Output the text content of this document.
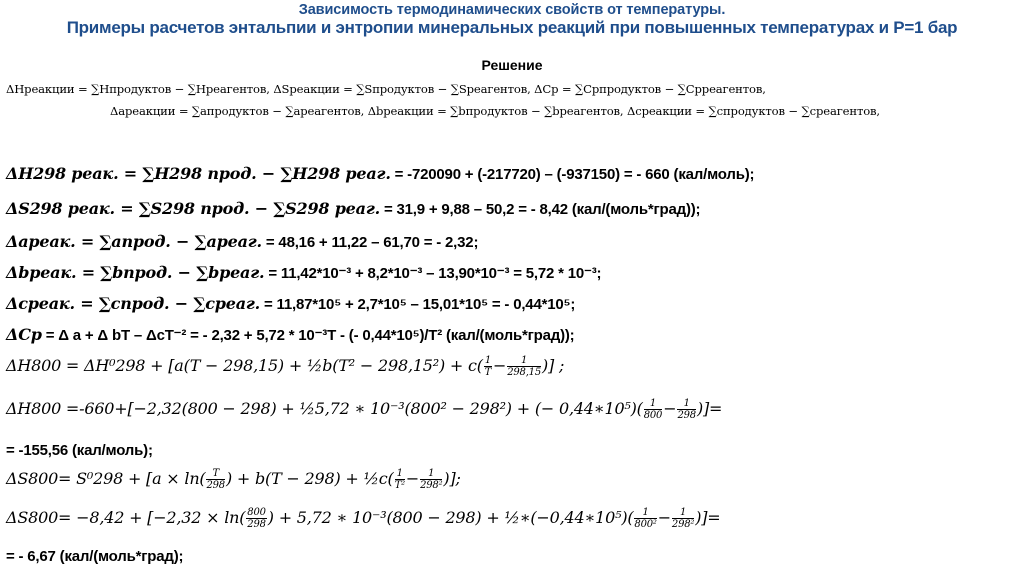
Зависимость термодинамических свойств от температуры.
Примеры расчетов энтальпии и энтропии минеральных реакций при повышенных температурах и Р=1 бар
Решение
ΔHреакции = ∑Hпродуктов − ∑Hреагентов, ΔSреакции = ∑Sпродуктов − ∑Sреагентов, ΔCp = ∑Cpпродуктов − ∑Cpреагентов,
Δaреакции = ∑aпродуктов − ∑aреагентов, Δbреакции = ∑bпродуктов − ∑bреагентов, Δcреакции = ∑cпродуктов − ∑cреагентов,
ΔH298 реак. = ∑H298 прод. − ∑H298 реаг. = -720090 + (-217720) – (-937150) = - 660 (кал/моль);
ΔS298 реак. = ∑S298 прод. − ∑S298 реаг. = 31,9 + 9,88 – 50,2 = - 8,42 (кал/(моль*град));
Δaреак. = ∑aпрод. − ∑aреаг. = 48,16 + 11,22 – 61,70 = - 2,32;
Δbреак. = ∑bпрод. − ∑bреаг. = 11,42*10⁻³ + 8,2*10⁻³ – 13,90*10⁻³ = 5,72 * 10⁻³;
Δcреак. = ∑cпрод. − ∑cреаг. = 11,87*10⁵ + 2,7*10⁵ – 15,01*10⁵ = - 0,44*10⁵;
ΔCp = Δ a + Δ bT – ΔcT⁻² = - 2,32 + 5,72 * 10⁻³T - (- 0,44*10⁵)/T² (кал/(моль*град));
ΔH800 = ΔH⁰298 + [a(T − 298,15) + ½b(T² − $298,15^2) + c( \frac{1}{T} - \frac{1}{298,15}$ )] ;
ΔH800 =-660+[−2,32(800 − 298) + ½5,72 ∗ 10⁻³(800² − 298²) + (− 0,44∗10⁵)( $\frac{1}{800} - \frac{1}{298}$ )]=
= -155,56 (кал/моль);
$\Delta S800= S^0298 + [a \times \ln( \frac{T}{298}$ ) + b(T − 298) + ½c( $\frac{1}{\text{T²}} - \frac{1}{\text{298²}}$ )];
$\Delta S800= -8,42 + [-2,32 \times \ln( \frac{800}{298}$ ) + 5,72 ∗ 10⁻³(800 − 298) + ½∗(−0,44∗10⁵)( $\frac{1}{\text{800²}} - \frac{1}{\text{298²}}$ )]=
= - 6,67 (кал/(моль*град);
